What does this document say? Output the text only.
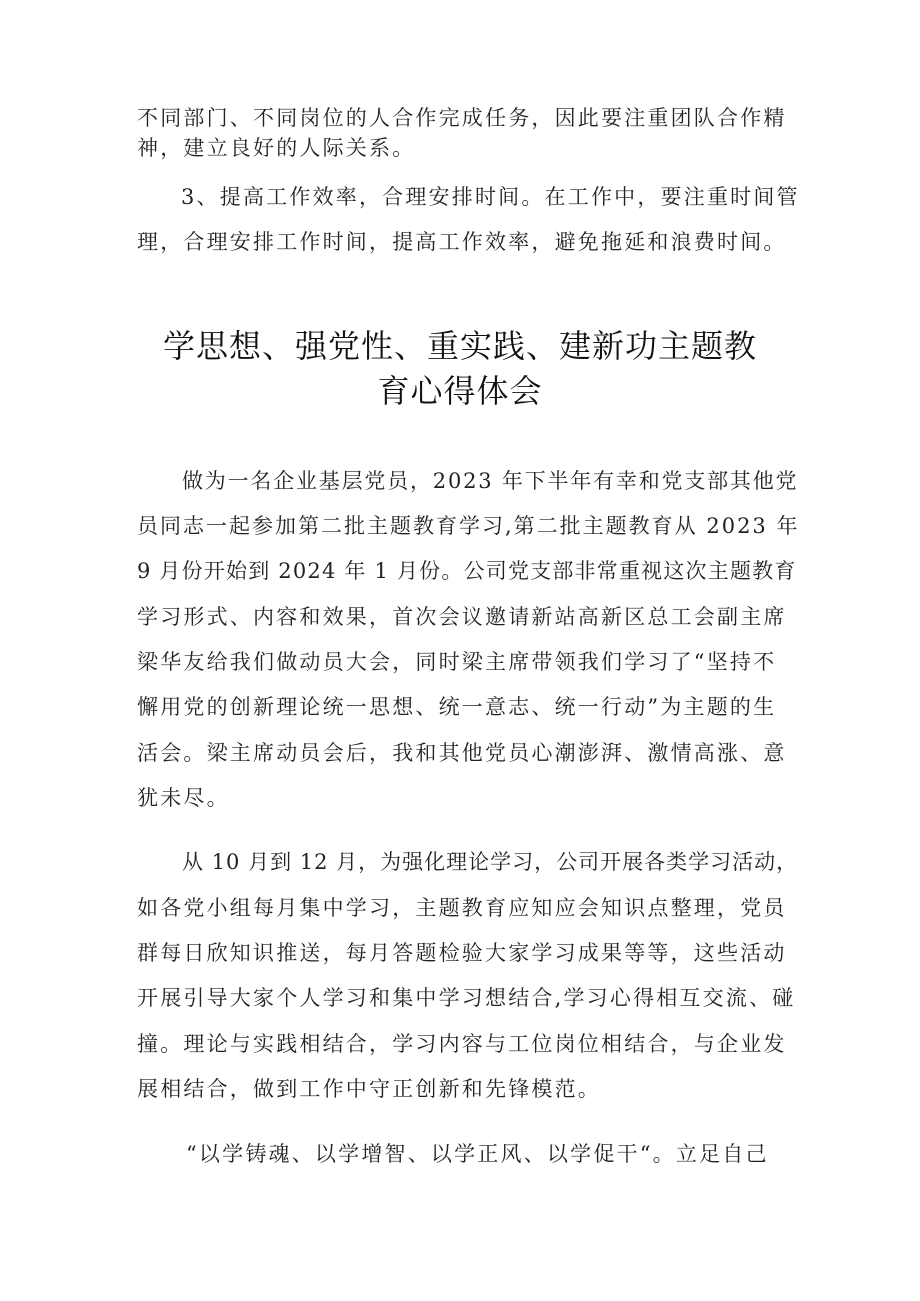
不同部门、不同岗位的人合作完成任务，因此要注重团队合作精
神，建立良好的人际关系。
3、提高工作效率，合理安排时间。在工作中，要注重时间管
理，合理安排工作时间，提高工作效率，避免拖延和浪费时间。
学思想、强党性、重实践、建新功主题教
育心得体会
做为一名企业基层党员，2023 年下半年有幸和党支部其他党
员同志一起参加第二批主题教育学习,第二批主题教育从 2023 年
9 月份开始到 2024 年 1 月份。公司党支部非常重视这次主题教育
学习形式、内容和效果，首次会议邀请新站高新区总工会副主席
梁华友给我们做动员大会，同时梁主席带领我们学习了“坚持不
懈用党的创新理论统一思想、统一意志、统一行动”为主题的生
活会。梁主席动员会后，我和其他党员心潮澎湃、激情高涨、意
犹未尽。
从 10 月到 12 月，为强化理论学习，公司开展各类学习活动，
如各党小组每月集中学习，主题教育应知应会知识点整理，党员
群每日欣知识推送，每月答题检验大家学习成果等等，这些活动
开展引导大家个人学习和集中学习想结合,学习心得相互交流、碰
撞。理论与实践相结合，学习内容与工位岗位相结合，与企业发
展相结合，做到工作中守正创新和先锋模范。
“以学铸魂、以学增智、以学正风、以学促干“。立足自己
